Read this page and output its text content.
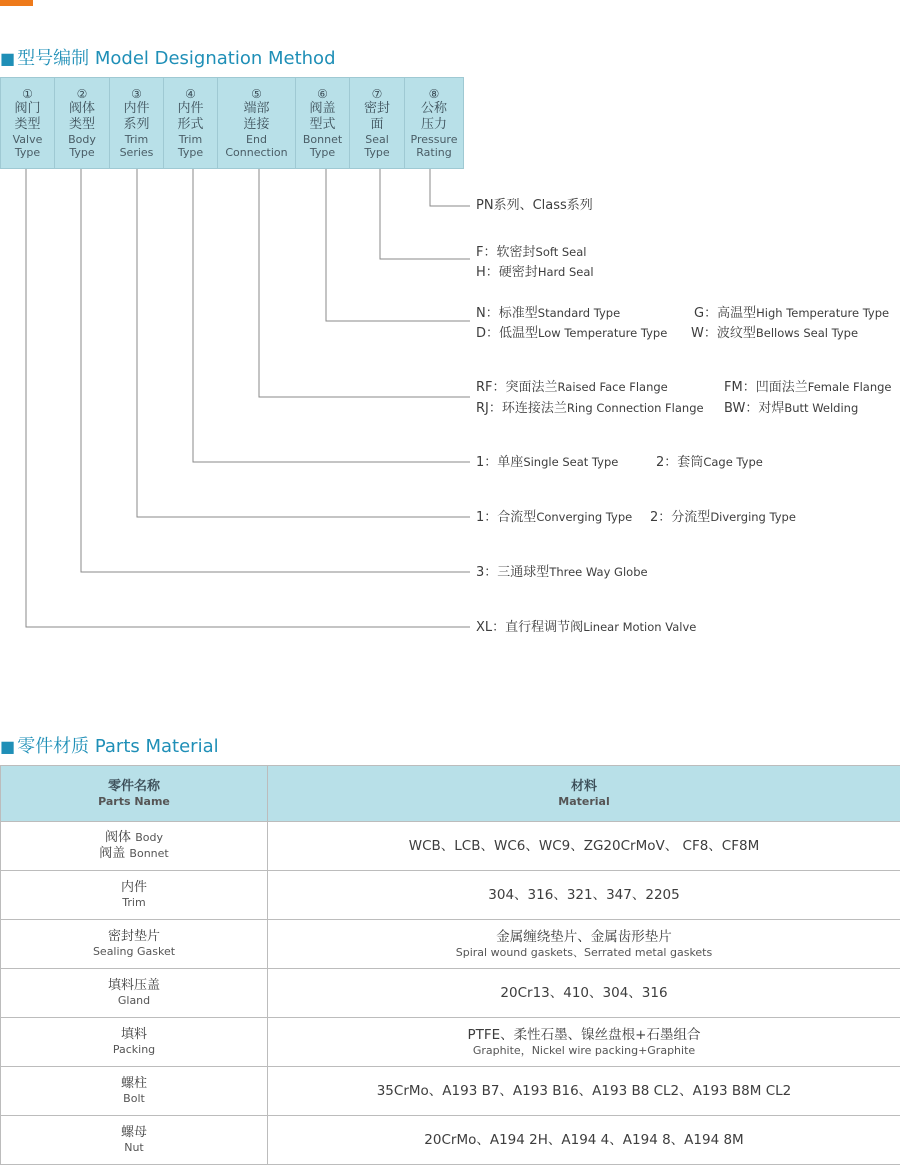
■ 型号编制 Model Designation Method
①
阀门
类型
Valve
Type
②
阀体
类型
Body
Type
③
内件
系列
Trim
Series
④
内件
形式
Trim
Type
⑤
端部
连接
End
Connection
⑥
阀盖
型式
Bonnet
Type
⑦
密封
面
Seal
Type
⑧
公称
压力
Pressure
Rating
PN系列、Class系列
F：软密封Soft Seal
H：硬密封Hard Seal
N：标准型Standard Type	G：高温型High Temperature Type
D：低温型Low Temperature Type W：波纹型Bellows Seal Type
RF：突面法兰Raised Face Flange	FM：凹面法兰Female Flange
RJ：环连接法兰Ring Connection Flange BW：对焊Butt Welding
1：单座Single Seat Type	2：套筒Cage Type
1：合流型Converging Type 2：分流型Diverging Type
3：三通球型Three Way Globe
XL：直行程调节阀Linear Motion Valve
■ 零件材质 Parts Material
零件名称
Parts Name	材料
Material

阀体 Body
阀盖 Bonnet	WCB、LCB、WC6、WC9、ZG20CrMoV、 CF8、CF8M

内件
Trim	304、316、321、347、2205

密封垫片
Sealing Gasket	金属缠绕垫片、金属齿形垫片
Spiral wound gaskets、Serrated metal gaskets

填料压盖
Gland	20Cr13、410、304、316

填料
Packing	PTFE、柔性石墨、镍丝盘根+石墨组合
Graphite，Nickel wire packing+Graphite

螺柱
Bolt	35CrMo、A193 B7、A193 B16、A193 B8 CL2、A193 B8M CL2

螺母
Nut	20CrMo、A194 2H、A194 4、A194 8、A194 8M
